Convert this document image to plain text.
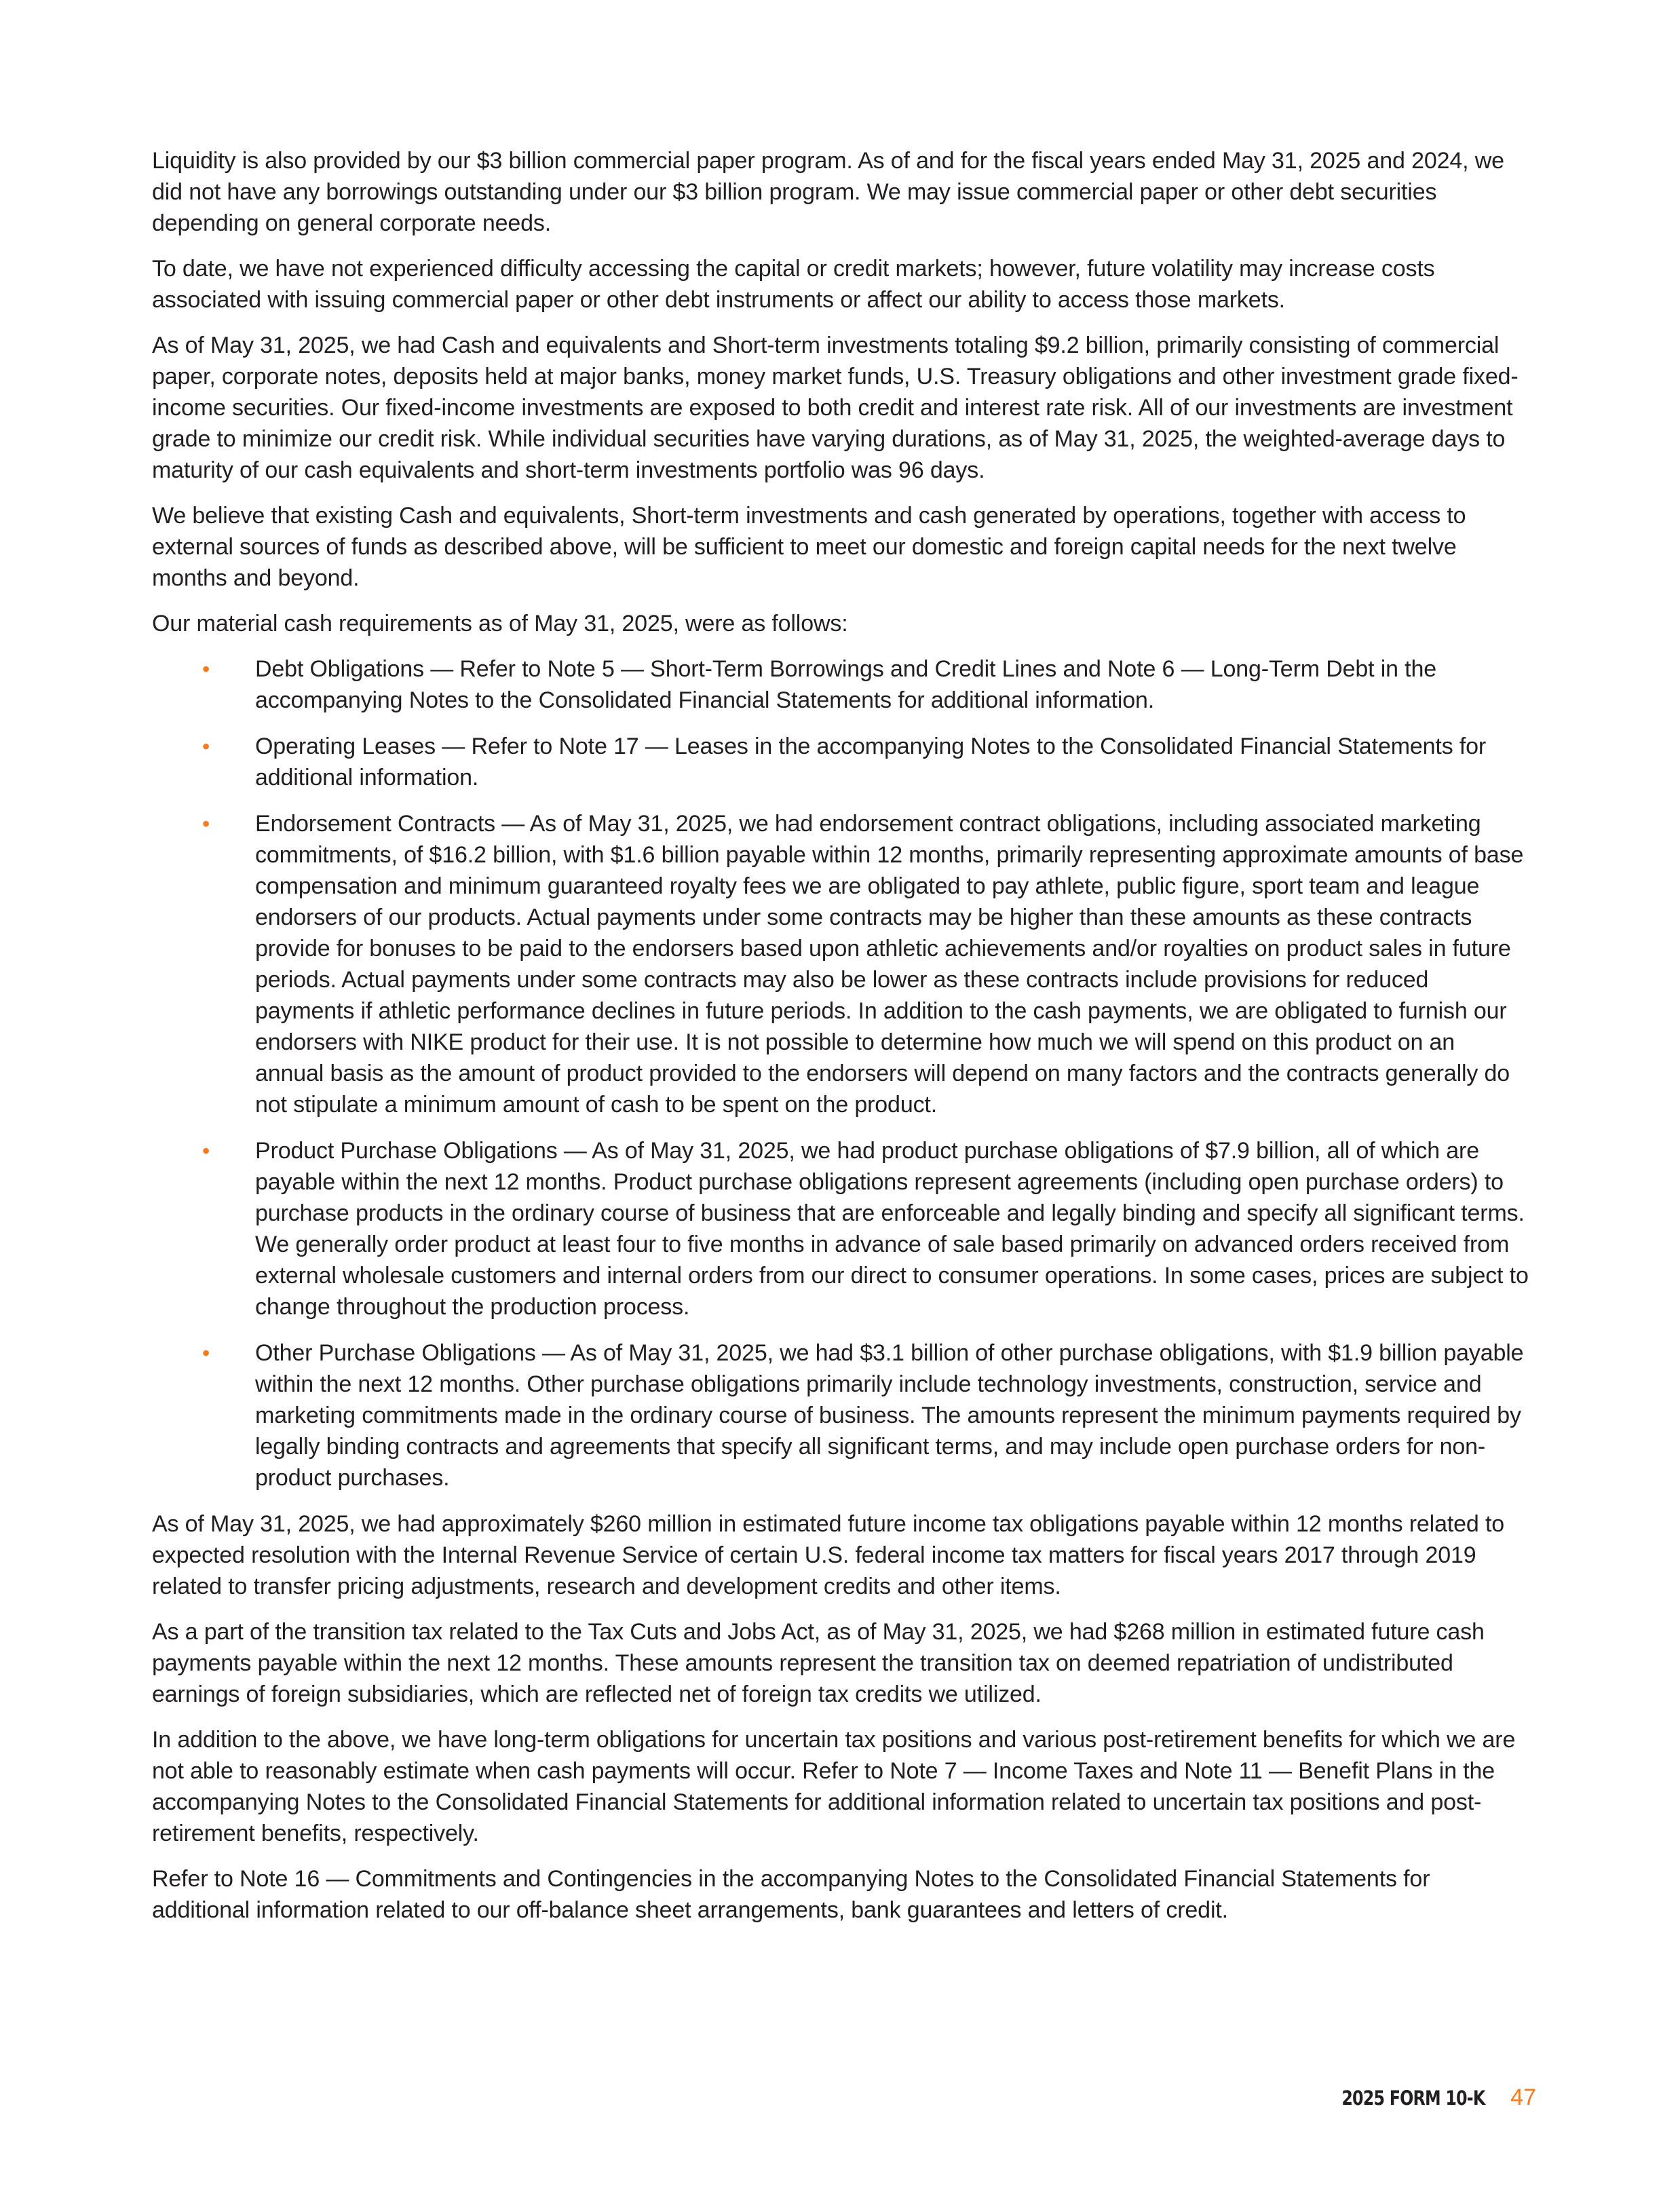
Liquidity is also provided by our $3 billion commercial paper program. As of and for the fiscal years ended May 31, 2025 and 2024, we did not have any borrowings outstanding under our $3 billion program. We may issue commercial paper or other debt securities depending on general corporate needs.

To date, we have not experienced difficulty accessing the capital or credit markets; however, future volatility may increase costs associated with issuing commercial paper or other debt instruments or affect our ability to access those markets.

As of May 31, 2025, we had Cash and equivalents and Short-term investments totaling $9.2 billion, primarily consisting of commercial paper, corporate notes, deposits held at major banks, money market funds, U.S. Treasury obligations and other investment grade fixed-income securities. Our fixed-income investments are exposed to both credit and interest rate risk. All of our investments are investment grade to minimize our credit risk. While individual securities have varying durations, as of May 31, 2025, the weighted-average days to maturity of our cash equivalents and short-term investments portfolio was 96 days.

We believe that existing Cash and equivalents, Short-term investments and cash generated by operations, together with access to external sources of funds as described above, will be sufficient to meet our domestic and foreign capital needs for the next twelve months and beyond.

Our material cash requirements as of May 31, 2025, were as follows:

• Debt Obligations — Refer to Note 5 — Short-Term Borrowings and Credit Lines and Note 6 — Long-Term Debt in the accompanying Notes to the Consolidated Financial Statements for additional information.
• Operating Leases — Refer to Note 17 — Leases in the accompanying Notes to the Consolidated Financial Statements for additional information.
• Endorsement Contracts — As of May 31, 2025, we had endorsement contract obligations, including associated marketing commitments, of $16.2 billion, with $1.6 billion payable within 12 months, primarily representing approximate amounts of base compensation and minimum guaranteed royalty fees we are obligated to pay athlete, public figure, sport team and league endorsers of our products. Actual payments under some contracts may be higher than these amounts as these contracts provide for bonuses to be paid to the endorsers based upon athletic achievements and/or royalties on product sales in future periods. Actual payments under some contracts may also be lower as these contracts include provisions for reduced payments if athletic performance declines in future periods. In addition to the cash payments, we are obligated to furnish our endorsers with NIKE product for their use. It is not possible to determine how much we will spend on this product on an annual basis as the amount of product provided to the endorsers will depend on many factors and the contracts generally do not stipulate a minimum amount of cash to be spent on the product.
• Product Purchase Obligations — As of May 31, 2025, we had product purchase obligations of $7.9 billion, all of which are payable within the next 12 months. Product purchase obligations represent agreements (including open purchase orders) to purchase products in the ordinary course of business that are enforceable and legally binding and specify all significant terms. We generally order product at least four to five months in advance of sale based primarily on advanced orders received from external wholesale customers and internal orders from our direct to consumer operations. In some cases, prices are subject to change throughout the production process.
• Other Purchase Obligations — As of May 31, 2025, we had $3.1 billion of other purchase obligations, with $1.9 billion payable within the next 12 months. Other purchase obligations primarily include technology investments, construction, service and marketing commitments made in the ordinary course of business. The amounts represent the minimum payments required by legally binding contracts and agreements that specify all significant terms, and may include open purchase orders for non-product purchases.

As of May 31, 2025, we had approximately $260 million in estimated future income tax obligations payable within 12 months related to expected resolution with the Internal Revenue Service of certain U.S. federal income tax matters for fiscal years 2017 through 2019 related to transfer pricing adjustments, research and development credits and other items.

As a part of the transition tax related to the Tax Cuts and Jobs Act, as of May 31, 2025, we had $268 million in estimated future cash payments payable within the next 12 months. These amounts represent the transition tax on deemed repatriation of undistributed earnings of foreign subsidiaries, which are reflected net of foreign tax credits we utilized.

In addition to the above, we have long-term obligations for uncertain tax positions and various post-retirement benefits for which we are not able to reasonably estimate when cash payments will occur. Refer to Note 7 — Income Taxes and Note 11 — Benefit Plans in the accompanying Notes to the Consolidated Financial Statements for additional information related to uncertain tax positions and post-retirement benefits, respectively.

Refer to Note 16 — Commitments and Contingencies in the accompanying Notes to the Consolidated Financial Statements for additional information related to our off-balance sheet arrangements, bank guarantees and letters of credit.

2025 FORM 10-K 47
